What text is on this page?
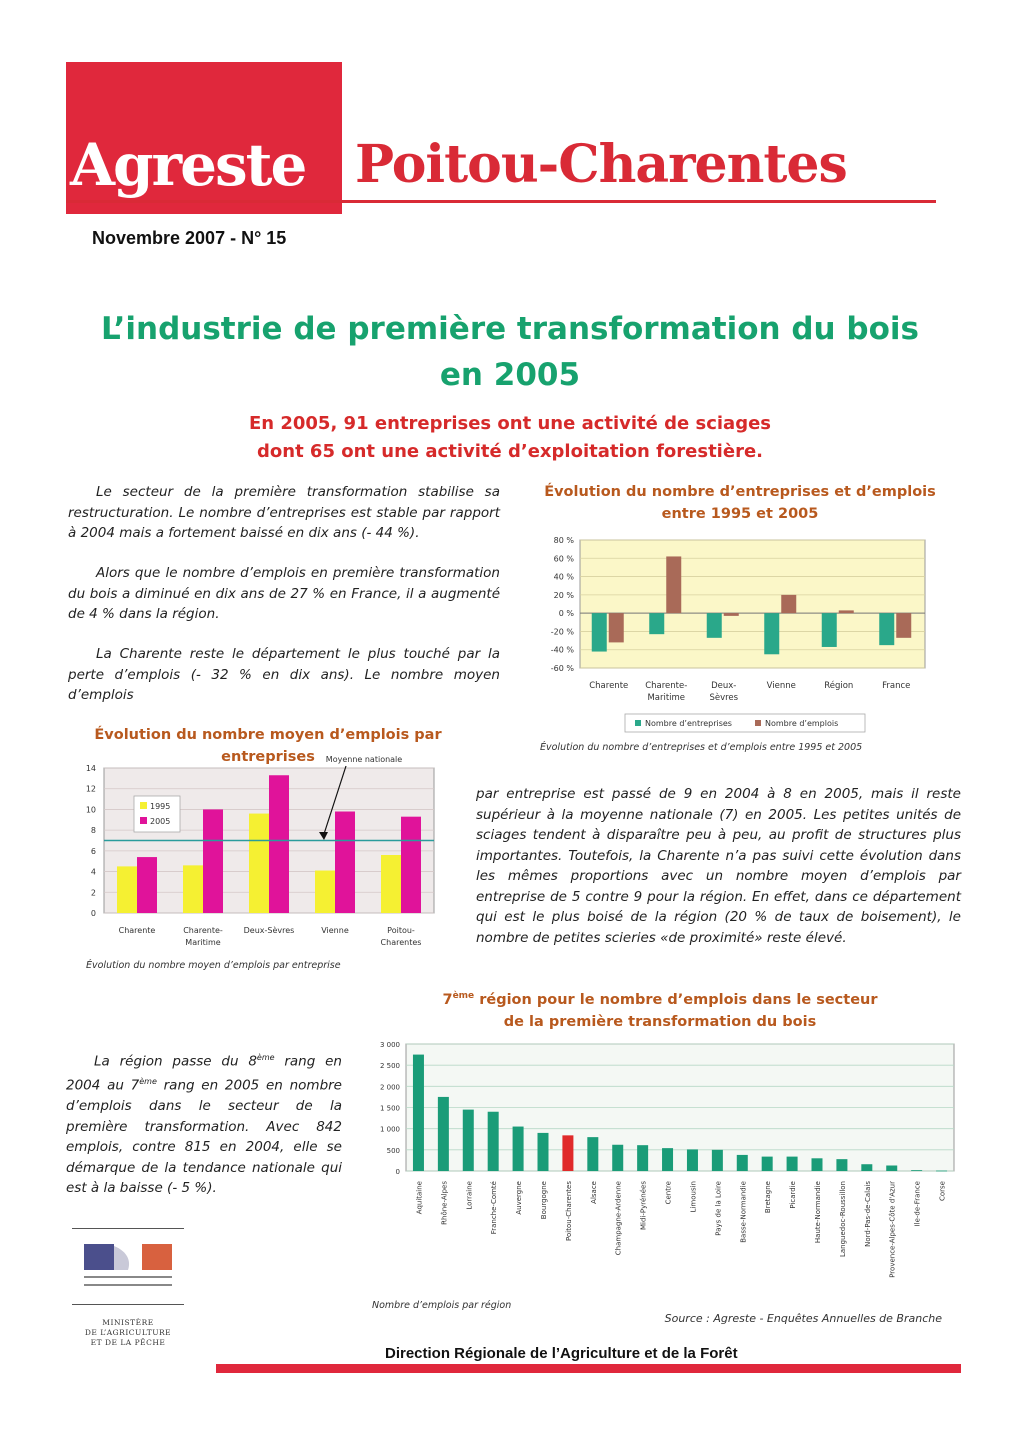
Agreste Poitou-Charentes
Novembre 2007 - N° 15
L’industrie de première transformation du bois
en 2005
En 2005, 91 entreprises ont une activité de sciages
dont 65 ont une activité d’exploitation forestière.
Le secteur de la première transformation stabilise sa restructuration. Le nombre d’entreprises est stable par rapport à 2004 mais a fortement baissé en dix ans (- 44 %).
Alors que le nombre d’emplois en première transformation du bois a diminué en dix ans de 27 % en France, il a augmenté de 4 % dans la région.
La Charente reste le département le plus touché par la perte d’emplois (- 32 % en dix ans). Le nombre moyen d’emplois
Évolution du nombre d’entreprises et d’emplois entre 1995 et 2005
80 %
60 %
40 %
20 %
0 %
-20 %
-40 %
-60 %
Charente Charente-
Maritime
Deux-
Sèvres
Vienne	Région	France
Nombre d’entreprises	Nombre d’emplois
Évolution du nombre d’entreprises et d’emplois entre 1995 et 2005
Évolution du nombre moyen d’emplois par entreprises
14
12
10
8
6
4
2
0
Charente	Charente-
Maritime
Deux-Sèvres	Vienne	Poitou-
Charentes
Moyenne nationale
1995
2005
Évolution du nombre moyen d’emplois par entreprise
par entreprise est passé de 9 en 2004 à 8 en 2005, mais il reste supérieur à la moyenne nationale (7) en 2005. Les petites unités de sciages tendent à disparaître peu à peu, au profit de structures plus importantes. Toutefois, la Charente n’a pas suivi cette évolution dans les mêmes proportions avec un nombre moyen d’emplois par entreprise de 5 contre 9 pour la région. En effet, dans ce département qui est le plus boisé de la région (20 % de taux de boisement), le nombre de petites scieries «de proximité» reste élevé.
7ème région pour le nombre d’emplois dans le secteur
de la première transformation du bois
La région passe du 8ème rang en 2004 au 7ème rang en 2005 en nombre d’emplois dans le secteur de la première transformation. Avec 842 emplois, contre 815 en 2004, elle se démarque de la tendance nationale qui est à la baisse (- 5 %).
3 000
2 500
2 000
1 500
1 000
500
0
Aquitaine Rhône-Alpes Lorraine Franche-Comté Auvergne Bourgogne Poitou-Charentes Alsace Champagne-Ardenne Midi-Pyrénées Centre Limousin Pays de la Loire Basse-Normandie Bretagne Picardie Haute-Normandie Languedoc-Roussillon Nord-Pas-de-Calais Provence-Alpes-Côte d'Azur Ile-de-France Corse
Nombre d’emplois par région
Source : Agreste - Enquêtes Annuelles de Branche
MINISTÈRE
DE L’AGRICULTURE
ET DE LA PÊCHE
Direction Régionale de l’Agriculture et de la Forêt
